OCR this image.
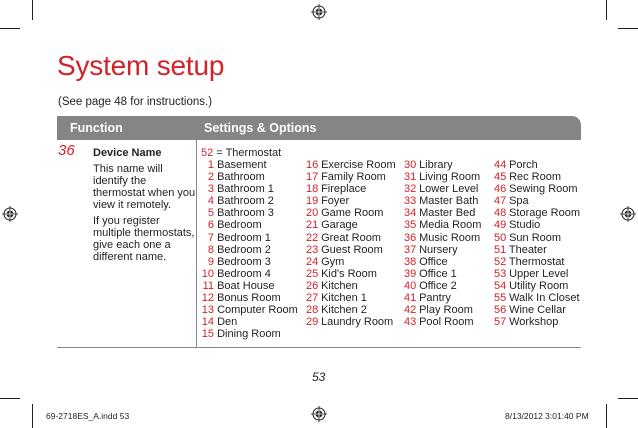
System setup
(See page 48 for instructions.)
Function	Settings & Options
36 Device Name

This name will identify the thermostat when you view it remotely.

If you register multiple thermostats, give each one a different name.

52 = Thermostat
1 Basement
2 Bathroom
3 Bathroom 1
4 Bathroom 2
5 Bathroom 3
6 Bedroom
7 Bedroom 1
8 Bedroom 2
9 Bedroom 3
10 Bedroom 4
11 Boat House
12 Bonus Room
13 Computer Room
14 Den
15 Dining Room
16 Exercise Room
17 Family Room
18 Fireplace
19 Foyer
20 Game Room
21 Garage
22 Great Room
23 Guest Room
24 Gym
25 Kid's Room
26 Kitchen
27 Kitchen 1
28 Kitchen 2
29 Laundry Room
30 Library
31 Living Room
32 Lower Level
33 Master Bath
34 Master Bed
35 Media Room
36 Music Room
37 Nursery
38 Office
39 Office 1
40 Office 2
41 Pantry
42 Play Room
43 Pool Room
44 Porch
45 Rec Room
46 Sewing Room
47 Spa
48 Storage Room
49 Studio
50 Sun Room
51 Theater
52 Thermostat
53 Upper Level
54 Utility Room
55 Walk In Closet
56 Wine Cellar
57 Workshop
53
69-2718ES_A.indd 53	8/13/2012 3:01:40 PM
